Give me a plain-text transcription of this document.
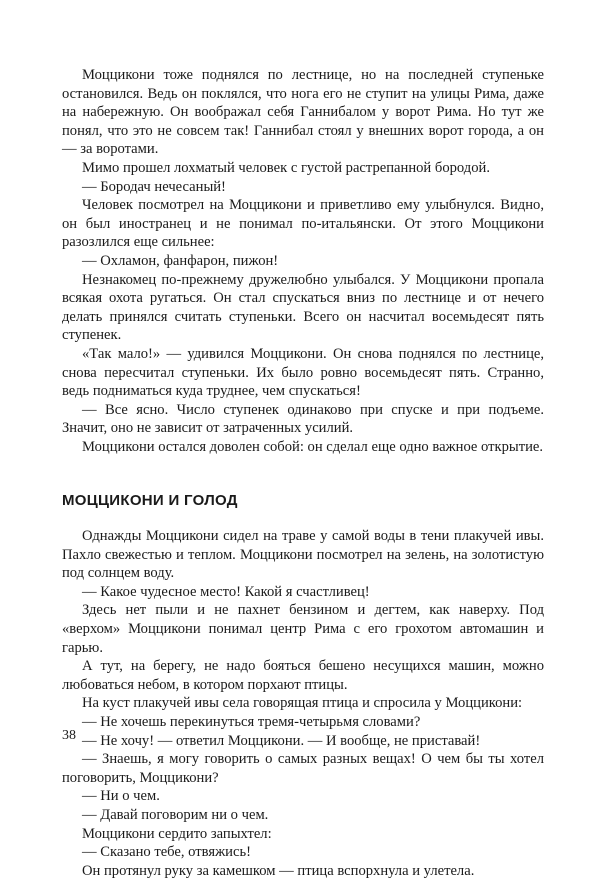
Моццикони тоже поднялся по лестнице, но на последней ступеньке остановился. Ведь он поклялся, что нога его не ступит на улицы Рима, даже на набережную. Он воображал себя Ганнибалом у ворот Рима. Но тут же понял, что это не совсем так! Ганнибал стоял у внешних ворот города, а он — за воротами.

Мимо прошел лохматый человек с густой растрепанной бородой.

— Бородач нечесаный!

Человек посмотрел на Моццикони и приветливо ему улыбнулся. Видно, он был иностранец и не понимал по-итальянски. От этого Моццикони разозлился еще сильнее:

— Охламон, фанфарон, пижон!

Незнакомец по-прежнему дружелюбно улыбался. У Моццикони пропала всякая охота ругаться. Он стал спускаться вниз по лестнице и от нечего делать принялся считать ступеньки. Всего он насчитал восемьдесят пять ступенек.

«Так мало!» — удивился Моццикони. Он снова поднялся по лестнице, снова пересчитал ступеньки. Их было ровно восемьдесят пять. Странно, ведь подниматься куда труднее, чем спускаться!

— Все ясно. Число ступенек одинаково при спуске и при подъеме. Значит, оно не зависит от затраченных усилий.

Моццикони остался доволен собой: он сделал еще одно важное открытие.

МОЦЦИКОНИ И ГОЛОД

Однажды Моццикони сидел на траве у самой воды в тени плакучей ивы. Пахло свежестью и теплом. Моццикони посмотрел на зелень, на золотистую под солнцем воду.

— Какое чудесное место! Какой я счастливец!

Здесь нет пыли и не пахнет бензином и дегтем, как наверху. Под «верхом» Моццикони понимал центр Рима с его грохотом автомашин и гарью.

А тут, на берегу, не надо бояться бешено несущихся машин, можно любоваться небом, в котором порхают птицы.

На куст плакучей ивы села говорящая птица и спросила у Моццикони:

— Не хочешь перекинуться тремя-четырьмя словами?

— Не хочу! — ответил Моццикони. — И вообще, не приставай!

— Знаешь, я могу говорить о самых разных вещах! О чем бы ты хотел поговорить, Моццикони?

— Ни о чем.

— Давай поговорим ни о чем.

Моццикони сердито запыхтел:

— Сказано тебе, отвяжись!

Он протянул руку за камешком — птица вспорхнула и улетела.

38
